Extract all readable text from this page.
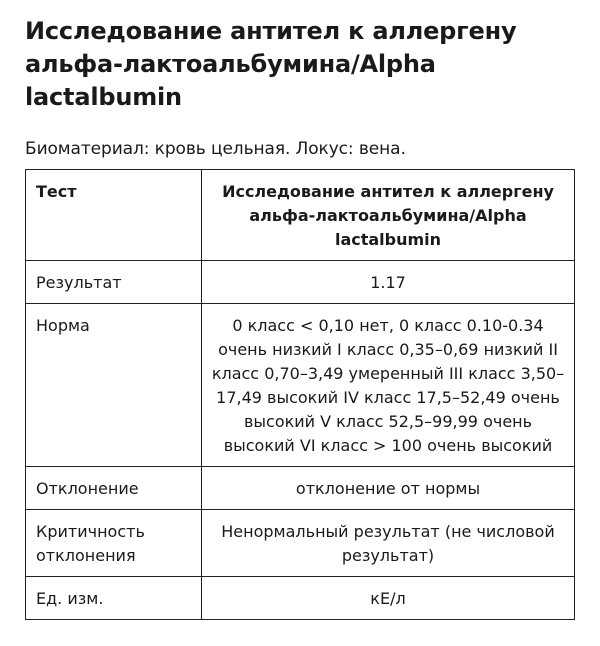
Исследование антител к аллергену альфа-лактоальбумина/Alpha lactalbumin
Биоматериал: кровь цельная. Локус: вена.
Тест	Исследование антител к аллергену альфа-лактоальбумина/Alpha lactalbumin
Результат	1.17
Норма	0 класс < 0,10 нет, 0 класс 0.10-0.34 очень низкий I класс 0,35–0,69 низкий II класс 0,70–3,49 умеренный III класс 3,50–17,49 высокий IV класс 17,5–52,49 очень высокий V класс 52,5–99,99 очень высокий VI класс > 100 очень высокий
Отклонение	отклонение от нормы
Критичность отклонения	Ненормальный результат (не числовой результат)
Ед. изм.	кЕ/л
